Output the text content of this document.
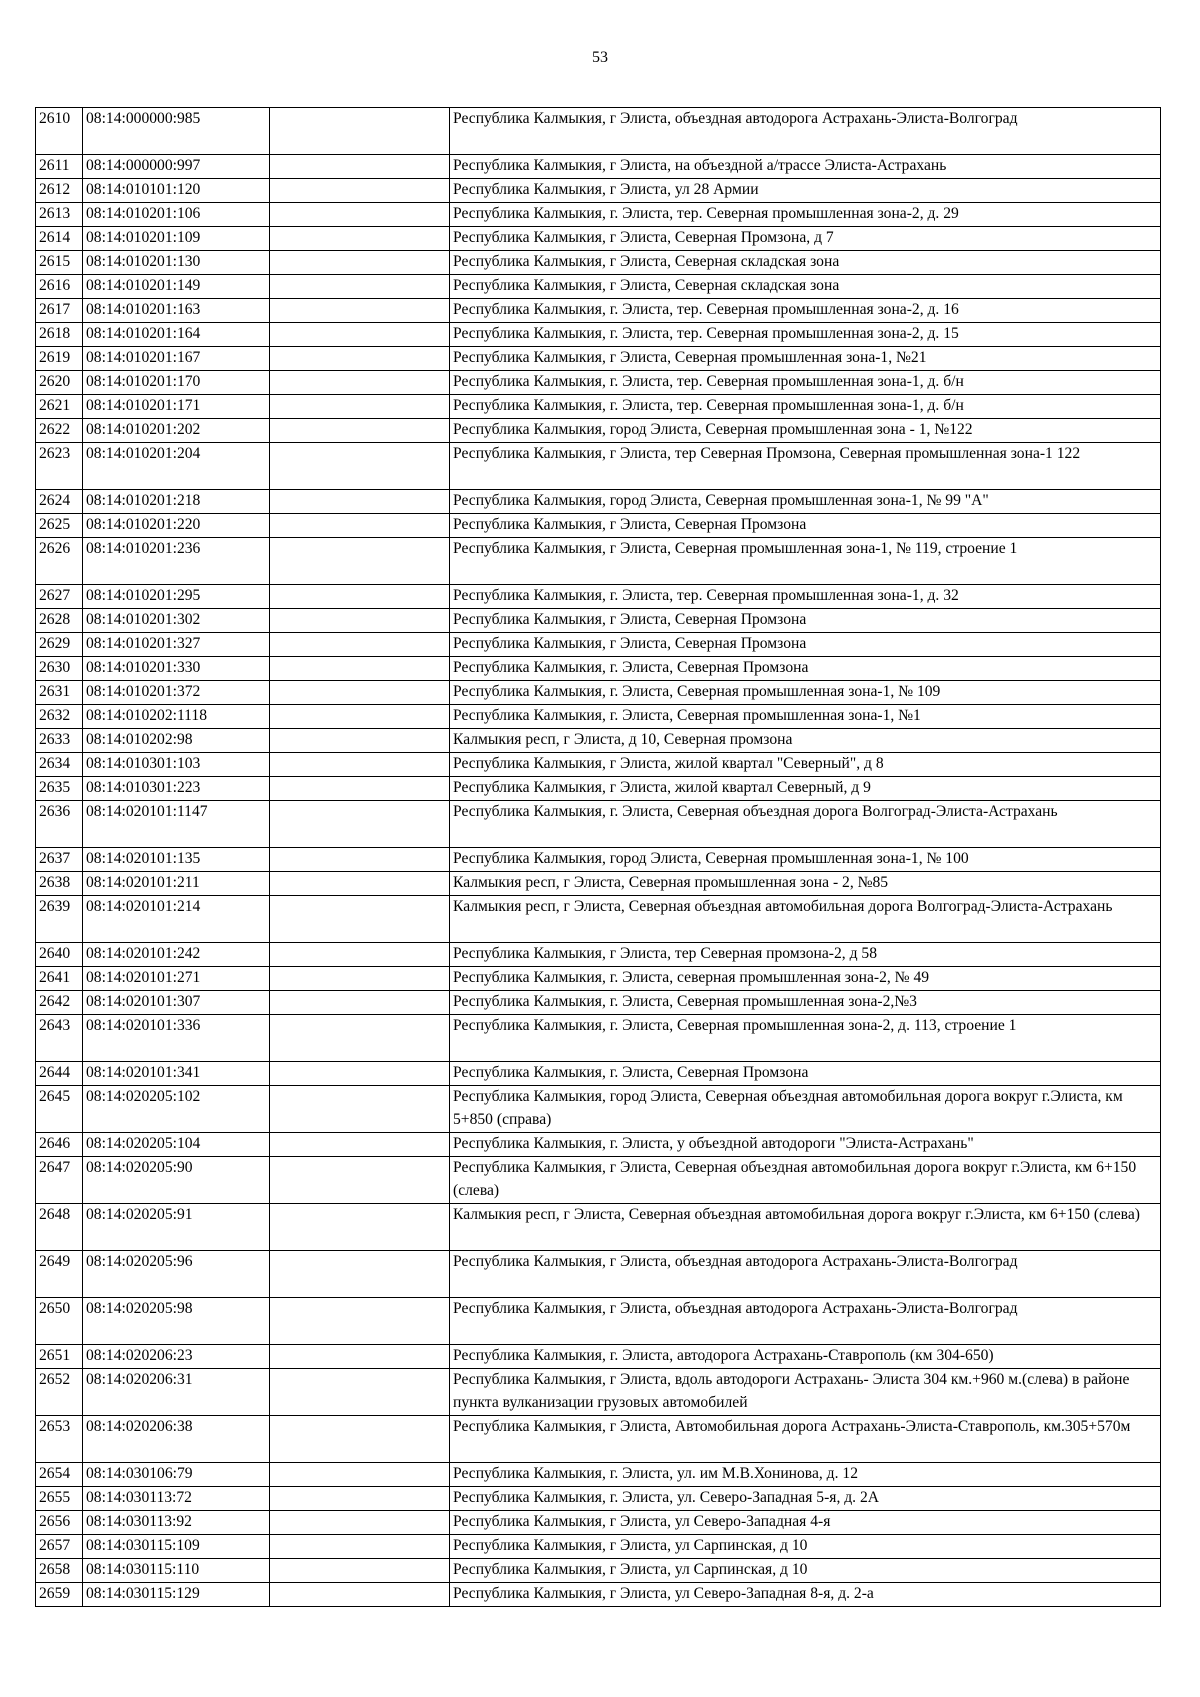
53
2610	08:14:000000:985		Республика Калмыкия, г Элиста, объездная автодорога Астрахань-Элиста-Волгоград
2611	08:14:000000:997		Республика Калмыкия, г Элиста, на объездной а/трассе Элиста-Астрахань
2612	08:14:010101:120		Республика Калмыкия, г Элиста, ул 28 Армии
2613	08:14:010201:106		Республика Калмыкия, г. Элиста, тер. Северная промышленная зона-2, д. 29
2614	08:14:010201:109		Республика Калмыкия, г Элиста, Северная Промзона, д 7
2615	08:14:010201:130		Республика Калмыкия, г Элиста, Северная складская зона
2616	08:14:010201:149		Республика Калмыкия, г Элиста, Северная складская зона
2617	08:14:010201:163		Республика Калмыкия, г. Элиста, тер. Северная промышленная зона-2, д. 16
2618	08:14:010201:164		Республика Калмыкия, г. Элиста, тер. Северная промышленная зона-2, д. 15
2619	08:14:010201:167		Республика Калмыкия, г Элиста, Северная промышленная зона-1, №21
2620	08:14:010201:170		Республика Калмыкия, г. Элиста, тер. Северная промышленная зона-1, д. б/н
2621	08:14:010201:171		Республика Калмыкия, г. Элиста, тер. Северная промышленная зона-1, д. б/н
2622	08:14:010201:202		Республика Калмыкия, город Элиста, Северная промышленная зона - 1, №122
2623	08:14:010201:204		Республика Калмыкия, г Элиста, тер Северная Промзона, Северная промышленная зона-1 122
2624	08:14:010201:218		Республика Калмыкия, город Элиста, Северная промышленная зона-1, № 99 "А"
2625	08:14:010201:220		Республика Калмыкия, г Элиста, Северная Промзона
2626	08:14:010201:236		Республика Калмыкия, г Элиста, Северная промышленная зона-1, № 119, строение 1
2627	08:14:010201:295		Республика Калмыкия, г. Элиста, тер. Северная промышленная зона-1, д. 32
2628	08:14:010201:302		Республика Калмыкия, г Элиста, Северная Промзона
2629	08:14:010201:327		Республика Калмыкия, г Элиста, Северная Промзона
2630	08:14:010201:330		Республика Калмыкия, г. Элиста, Северная Промзона
2631	08:14:010201:372		Республика Калмыкия, г. Элиста, Северная промышленная зона-1, № 109
2632	08:14:010202:1118		Республика Калмыкия, г. Элиста, Северная промышленная зона-1, №1
2633	08:14:010202:98		Калмыкия респ, г Элиста, д 10, Северная промзона
2634	08:14:010301:103		Республика Калмыкия, г Элиста, жилой квартал "Северный", д 8
2635	08:14:010301:223		Республика Калмыкия, г Элиста, жилой квартал Северный, д 9
2636	08:14:020101:1147		Республика Калмыкия, г. Элиста, Северная объездная дорога Волгоград-Элиста-Астрахань
2637	08:14:020101:135		Республика Калмыкия, город Элиста, Северная промышленная зона-1, № 100
2638	08:14:020101:211		Калмыкия респ, г Элиста, Северная промышленная зона - 2, №85
2639	08:14:020101:214		Калмыкия респ, г Элиста, Северная объездная автомобильная дорога Волгоград-Элиста-Астрахань
2640	08:14:020101:242		Республика Калмыкия, г Элиста, тер Северная промзона-2, д 58
2641	08:14:020101:271		Республика Калмыкия, г. Элиста, северная промышленная зона-2, № 49
2642	08:14:020101:307		Республика Калмыкия, г. Элиста, Северная промышленная зона-2,№3
2643	08:14:020101:336		Республика Калмыкия, г. Элиста, Северная промышленная зона-2, д. 113, строение 1
2644	08:14:020101:341		Республика Калмыкия, г. Элиста, Северная Промзона
2645	08:14:020205:102		Республика Калмыкия, город Элиста, Северная объездная автомобильная дорога вокруг г.Элиста, км 5+850 (справа)
2646	08:14:020205:104		Республика Калмыкия, г. Элиста, у объездной автодороги "Элиста-Астрахань"
2647	08:14:020205:90		Республика Калмыкия, г Элиста, Северная объездная автомобильная дорога вокруг г.Элиста, км 6+150 (слева)
2648	08:14:020205:91		Калмыкия респ, г Элиста, Северная объездная автомобильная дорога вокруг г.Элиста, км 6+150 (слева)
2649	08:14:020205:96		Республика Калмыкия, г Элиста, объездная автодорога Астрахань-Элиста-Волгоград
2650	08:14:020205:98		Республика Калмыкия, г Элиста, объездная автодорога Астрахань-Элиста-Волгоград
2651	08:14:020206:23		Республика Калмыкия, г. Элиста, автодорога Астрахань-Ставрополь (км 304-650)
2652	08:14:020206:31		Республика Калмыкия, г Элиста, вдоль автодороги Астрахань- Элиста 304 км.+960 м.(слева) в районе пункта вулканизации грузовых автомобилей
2653	08:14:020206:38		Республика Калмыкия, г Элиста, Автомобильная дорога Астрахань-Элиста-Ставрополь, км.305+570м
2654	08:14:030106:79		Республика Калмыкия, г. Элиста, ул. им М.В.Хонинова, д. 12
2655	08:14:030113:72		Республика Калмыкия, г. Элиста, ул. Северо-Западная 5-я, д. 2А
2656	08:14:030113:92		Республика Калмыкия, г Элиста, ул Северо-Западная 4-я
2657	08:14:030115:109		Республика Калмыкия, г Элиста, ул Сарпинская, д 10
2658	08:14:030115:110		Республика Калмыкия, г Элиста, ул Сарпинская, д 10
2659	08:14:030115:129		Республика Калмыкия, г Элиста, ул Северо-Западная 8-я, д. 2-а
